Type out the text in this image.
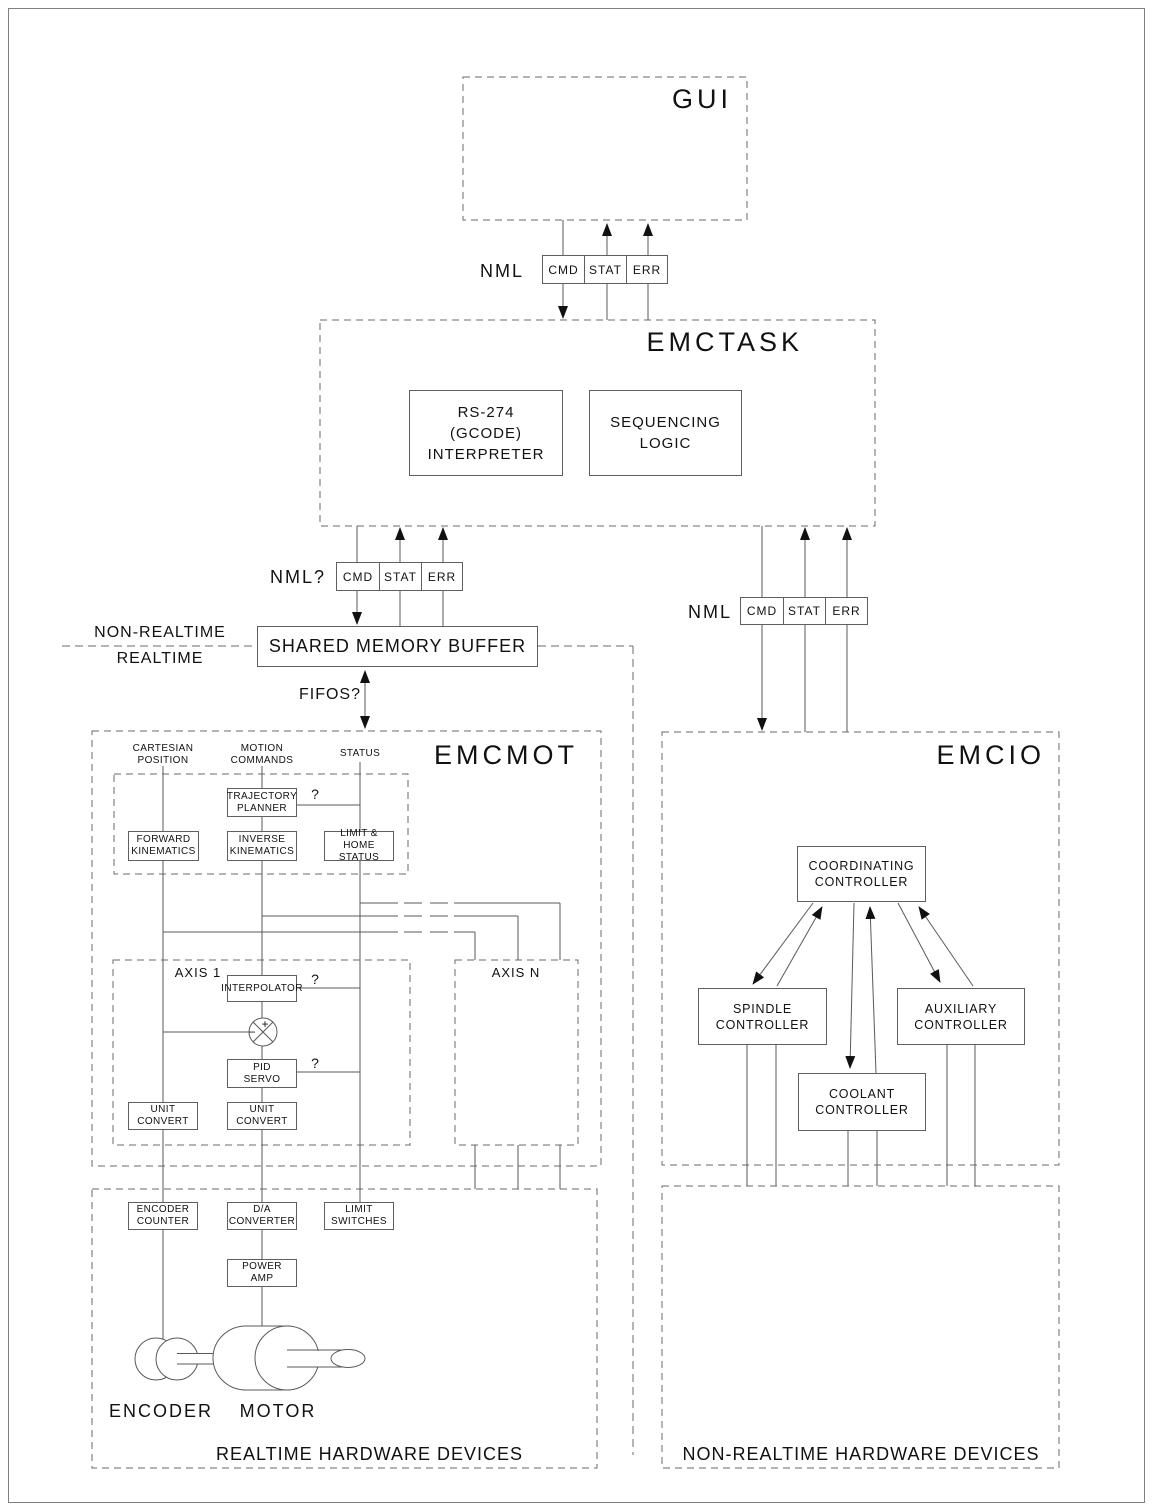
+
−
GUI
EMCTASK
EMCMOT	EMCIO
NML
NML?
NML
NON-REALTIME
REALTIME
FIFOS?
CMD STAT ERR
CMD STAT ERR
CMD STAT ERR
RS-274
(GCODE)
INTERPRETER
SEQUENCING
LOGIC
SHARED MEMORY BUFFER
CARTESIAN
POSITION
MOTION
COMMANDS
STATUS
TRAJECTORY
PLANNER
FORWARD
KINEMATICS
INVERSE
KINEMATICS
LIMIT & HOME
STATUS
AXIS 1	AXIS N
INTERPOLATOR
PID
SERVO
UNIT
CONVERT
UNIT
CONVERT
?
?
?
COORDINATING
CONTROLLER
SPINDLE
CONTROLLER
AUXILIARY
CONTROLLER
COOLANT
CONTROLLER
ENCODER
COUNTER
D/A
CONVERTER
LIMIT
SWITCHES
POWER
AMP
ENCODER	MOTOR
REALTIME HARDWARE DEVICES	NON-REALTIME HARDWARE DEVICES
